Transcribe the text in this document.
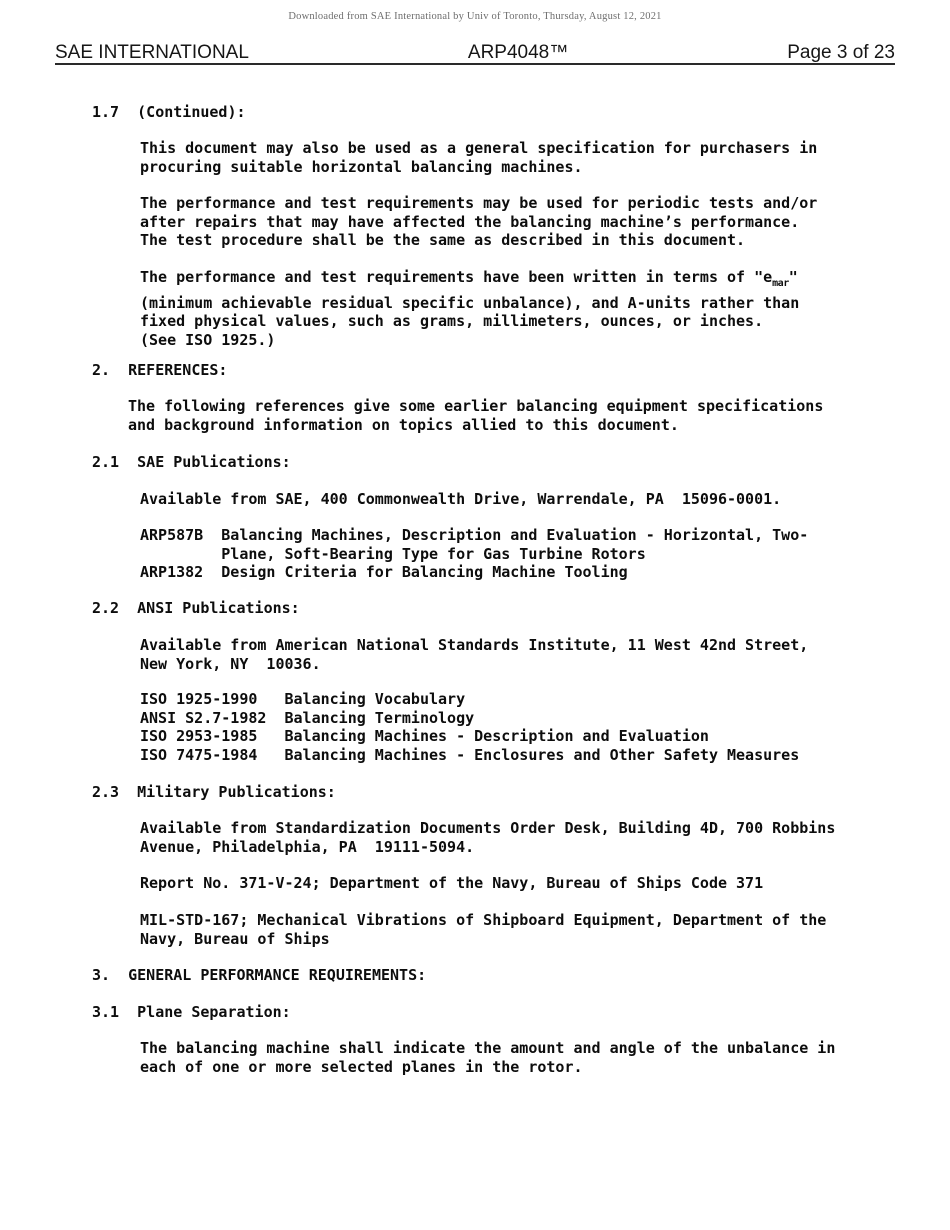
Downloaded from SAE International by Univ of Toronto, Thursday, August 12, 2021
SAE INTERNATIONAL	ARP4048™	Page 3 of 23
1.7  (Continued):
This document may also be used as a general specification for purchasers in
procuring suitable horizontal balancing machines.
The performance and test requirements may be used for periodic tests and/or
after repairs that may have affected the balancing machine’s performance.
The test procedure shall be the same as described in this document.
The performance and test requirements have been written in terms of "$e_{mar}$"
(minimum achievable residual specific unbalance), and A-units rather than
fixed physical values, such as grams, millimeters, ounces, or inches.
(See ISO 1925.)
2.  REFERENCES:
The following references give some earlier balancing equipment specifications
and background information on topics allied to this document.
2.1  SAE Publications:
Available from SAE, 400 Commonwealth Drive, Warrendale, PA  15096-0001.
ARP587B  Balancing Machines, Description and Evaluation - Horizontal, Two-
Plane, Soft-Bearing Type for Gas Turbine Rotors
ARP1382  Design Criteria for Balancing Machine Tooling
2.2  ANSI Publications:
Available from American National Standards Institute, 11 West 42nd Street,
New York, NY  10036.
ISO 1925-1990   Balancing Vocabulary
ANSI S2.7-1982  Balancing Terminology
ISO 2953-1985   Balancing Machines - Description and Evaluation
ISO 7475-1984   Balancing Machines - Enclosures and Other Safety Measures
2.3  Military Publications:
Available from Standardization Documents Order Desk, Building 4D, 700 Robbins
Avenue, Philadelphia, PA  19111-5094.
Report No. 371-V-24; Department of the Navy, Bureau of Ships Code 371
MIL-STD-167; Mechanical Vibrations of Shipboard Equipment, Department of the
Navy, Bureau of Ships
3.  GENERAL PERFORMANCE REQUIREMENTS:
3.1  Plane Separation:
The balancing machine shall indicate the amount and angle of the unbalance in
each of one or more selected planes in the rotor.
